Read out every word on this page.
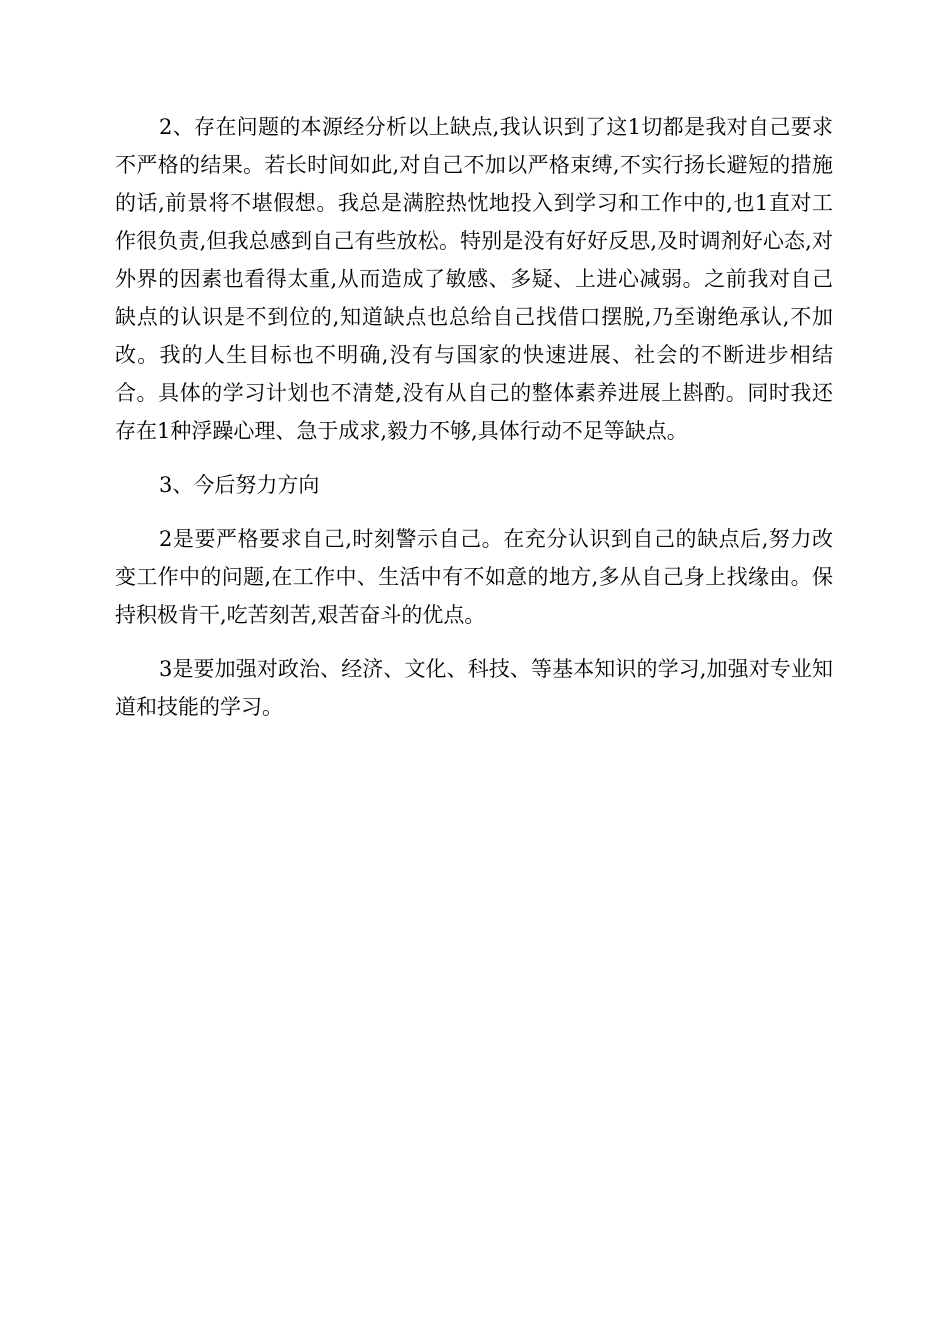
2、存在问题的本源经分析以上缺点,我认识到了这1切都是我对自己要求不严格的结果。若长时间如此,对自己不加以严格束缚,不实行扬长避短的措施的话,前景将不堪假想。我总是满腔热忱地投入到学习和工作中的,也1直对工作很负责,但我总感到自己有些放松。特别是没有好好反思,及时调剂好心态,对外界的因素也看得太重,从而造成了敏感、多疑、上进心减弱。之前我对自己缺点的认识是不到位的,知道缺点也总给自己找借口摆脱,乃至谢绝承认,不加改。我的人生目标也不明确,没有与国家的快速进展、社会的不断进步相结合。具体的学习计划也不清楚,没有从自己的整体素养进展上斟酌。同时我还存在1种浮躁心理、急于成求,毅力不够,具体行动不足等缺点。

3、今后努力方向

2是要严格要求自己,时刻警示自己。在充分认识到自己的缺点后,努力改变工作中的问题,在工作中、生活中有不如意的地方,多从自己身上找缘由。保持积极肯干,吃苦刻苦,艰苦奋斗的优点。

3是要加强对政治、经济、文化、科技、等基本知识的学习,加强对专业知道和技能的学习。
